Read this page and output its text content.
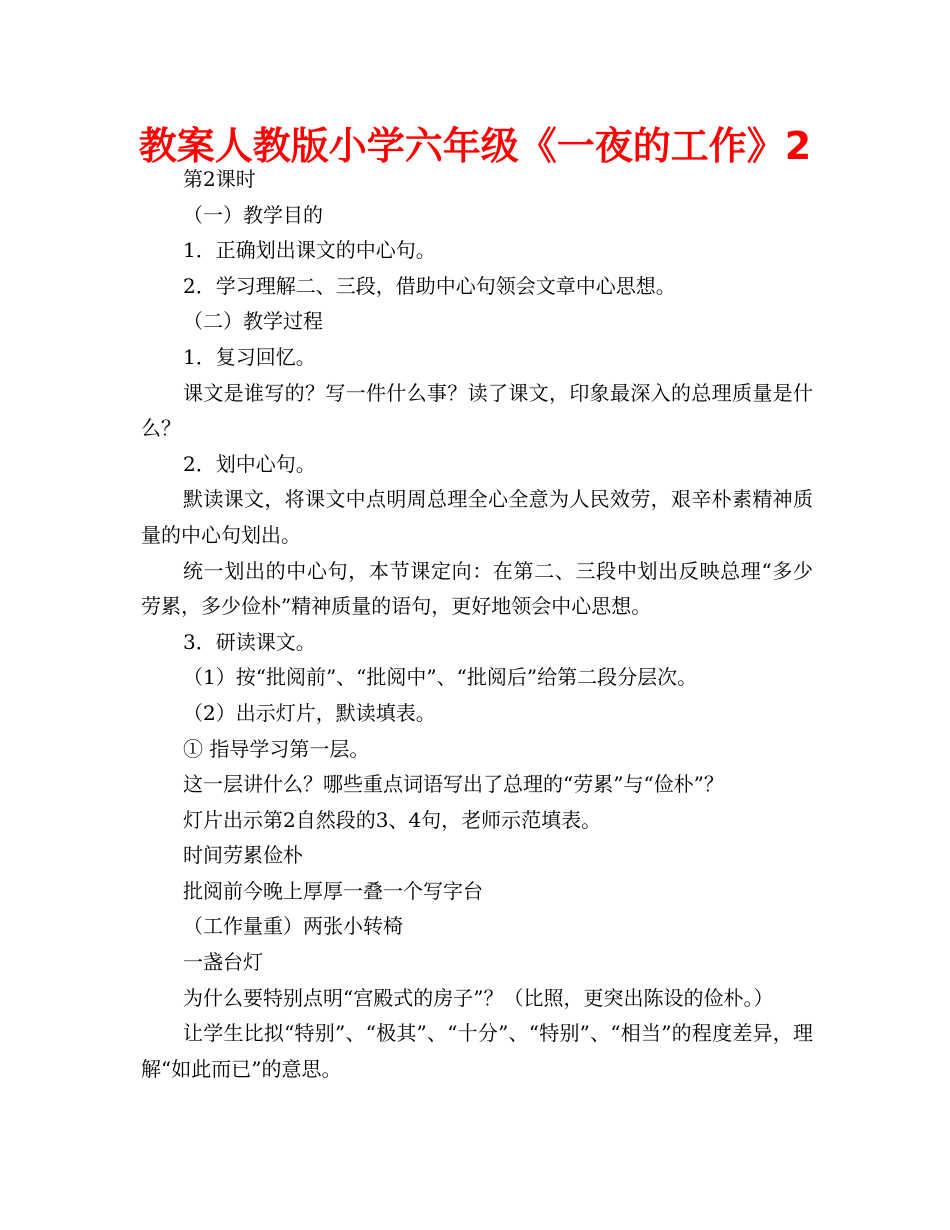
教案人教版小学六年级《一夜的工作》2

第2课时

（一）教学目的

1．正确划出课文的中心句。

2．学习理解二、三段，借助中心句领会文章中心思想。

（二）教学过程

1．复习回忆。

课文是谁写的？写一件什么事？读了课文，印象最深入的总理质量是什么？

2．划中心句。

默读课文，将课文中点明周总理全心全意为人民效劳，艰辛朴素精神质量的中心句划出。

统一划出的中心句，本节课定向：在第二、三段中划出反映总理“多少劳累，多少俭朴”精神质量的语句，更好地领会中心思想。

3．研读课文。

（1）按“批阅前”、“批阅中”、“批阅后”给第二段分层次。

（2）出示灯片，默读填表。

① 指导学习第一层。

这一层讲什么？哪些重点词语写出了总理的“劳累”与“俭朴”？

灯片出示第2自然段的3、4句，老师示范填表。

时间劳累俭朴

批阅前今晚上厚厚一叠一个写字台

（工作量重）两张小转椅

一盏台灯

为什么要特别点明“宫殿式的房子”？（比照，更突出陈设的俭朴。）

让学生比拟“特别”、“极其”、“十分”、“特别”、“相当”的程度差异，理解“如此而已”的意思。
